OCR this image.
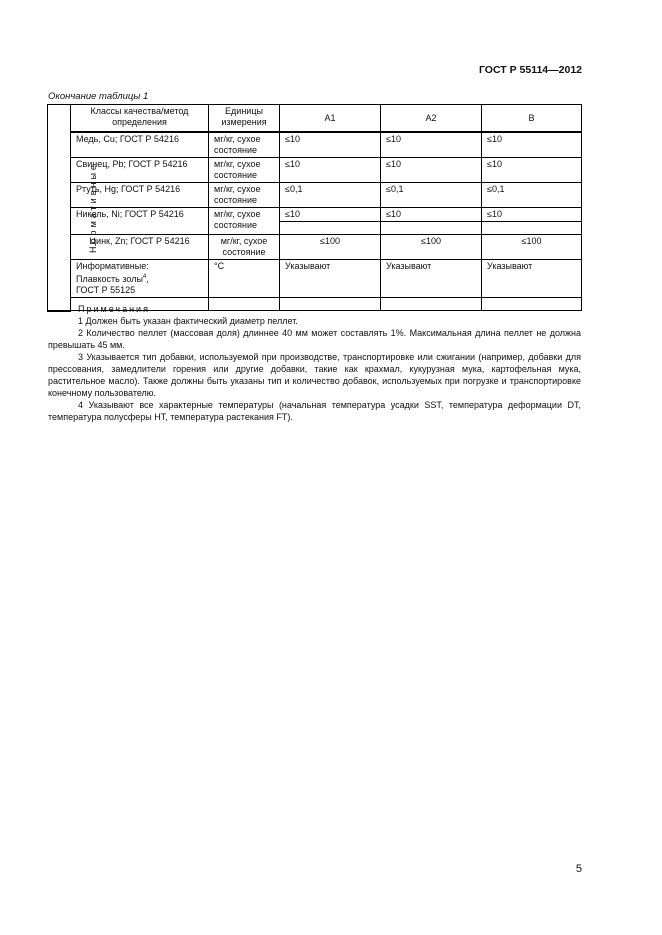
ГОСТ Р 55114—2012
Окончание таблицы 1
Нормативные	Классы качества/метод определения	Единицы измерения	A1	A2	B
	Медь, Cu; ГОСТ Р 54216	мг/кг, сухое состояние	≤10	≤10	≤10
	Свинец, Pb; ГОСТ Р 54216	мг/кг, сухое состояние	≤10	≤10	≤10
	Ртуть, Hg; ГОСТ Р 54216	мг/кг, сухое состояние	≤0,1	≤0,1	≤0,1
	Никель, Ni; ГОСТ Р 54216	мг/кг, сухое состояние	≤10	≤10	≤10

	Цинк, Zn; ГОСТ Р 54216	мг/кг, сухое состояние	≤100	≤100	≤100
	Информативные:
Плавкость золы$^4$,
ГОСТ Р 55125	°C	Указывают	Указывают	Указывают

Примечания

1 Должен быть указан фактический диаметр пеллет.

2 Количество пеллет (массовая доля) длиннее 40 мм может составлять 1%. Максимальная длина пеллет не должна превышать 45 мм.

3 Указывается тип добавки, используемой при производстве, транспортировке или сжигании (например, добавки для прессования, замедлители горения или другие добавки, такие как крахмал, кукурузная мука, картофельная мука, растительное масло). Также должны быть указаны тип и количество добавок, используемых при погрузке и транспортировке конечному пользователю.

4 Указывают все характерные температуры (начальная температура усадки SST, температура деформации DT, температура полусферы HT, температура растекания FT).

5
